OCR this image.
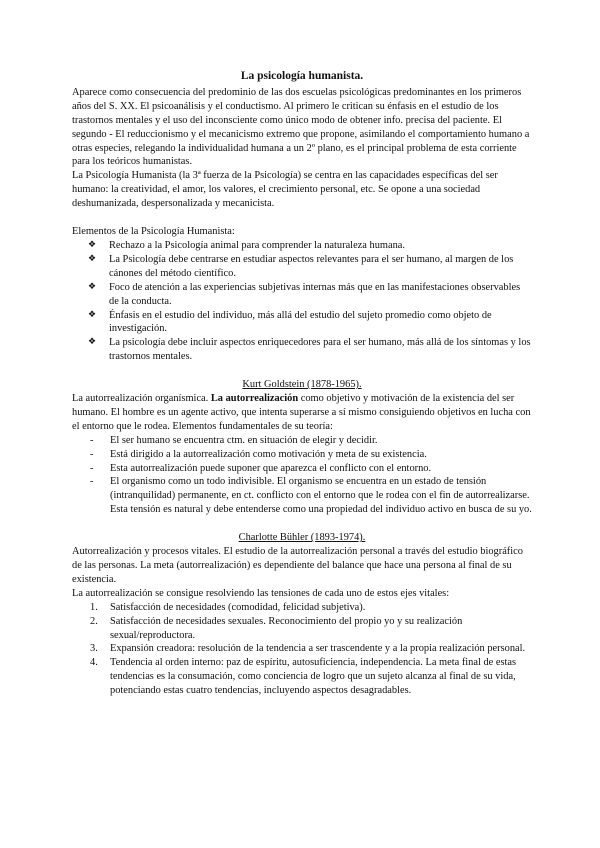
La psicología humanista.

Aparece como consecuencia del predominio de las dos escuelas psicológicas predominantes en los primeros años del S. XX. El psicoanálisis y el conductismo. Al primero le critican su énfasis en el estudio de los trastornos mentales y el uso del inconsciente como único modo de obtener info. precisa del paciente. El segundo - El reduccionismo y el mecanicismo extremo que propone, asimilando el comportamiento humano a otras especies, relegando la individualidad humana a un 2º plano, es el principal problema de esta corriente para los teóricos humanistas.

La Psicología Humanista (la 3ª fuerza de la Psicología) se centra en las capacidades específicas del ser humano: la creatividad, el amor, los valores, el crecimiento personal, etc. Se opone a una sociedad deshumanizada, despersonalizada y mecanicista.

Elementos de la Psicología Humanista:

❖ Rechazo a la Psicología animal para comprender la naturaleza humana.
❖ La Psicología debe centrarse en estudiar aspectos relevantes para el ser humano, al margen de los cánones del método científico.
❖ Foco de atención a las experiencias subjetivas internas más que en las manifestaciones observables de la conducta.
❖ Énfasis en el estudio del individuo, más allá del estudio del sujeto promedio como objeto de investigación.
❖ La psicología debe incluir aspectos enriquecedores para el ser humano, más allá de los síntomas y los trastornos mentales.

Kurt Goldstein (1878-1965).

La autorrealización organísmica. La autorrealización como objetivo y motivación de la existencia del ser humano. El hombre es un agente activo, que intenta superarse a sí mismo consiguiendo objetivos en lucha con el entorno que le rodea. Elementos fundamentales de su teoría:

- El ser humano se encuentra ctm. en situación de elegir y decidir.
- Está dirigido a la autorrealización como motivación y meta de su existencia.
- Esta autorrealización puede suponer que aparezca el conflicto con el entorno.
- El organismo como un todo indivisible. El organismo se encuentra en un estado de tensión (intranquilidad) permanente, en ct. conflicto con el entorno que le rodea con el fin de autorrealizarse. Esta tensión es natural y debe entenderse como una propiedad del individuo activo en busca de su yo.

Charlotte Bühler (1893-1974).

Autorrealización y procesos vitales. El estudio de la autorrealización personal a través del estudio biográfico de las personas. La meta (autorrealización) es dependiente del balance que hace una persona al final de su existencia.

La autorrealización se consigue resolviendo las tensiones de cada uno de estos ejes vitales:

1. Satisfacción de necesidades (comodidad, felicidad subjetiva).
2. Satisfacción de necesidades sexuales. Reconocimiento del propio yo y su realización sexual/reproductora.
3. Expansión creadora: resolución de la tendencia a ser trascendente y a la propia realización personal.
4. Tendencia al orden interno: paz de espíritu, autosuficiencia, independencia. La meta final de estas tendencias es la consumación, como conciencia de logro que un sujeto alcanza al final de su vida, potenciando estas cuatro tendencias, incluyendo aspectos desagradables.
